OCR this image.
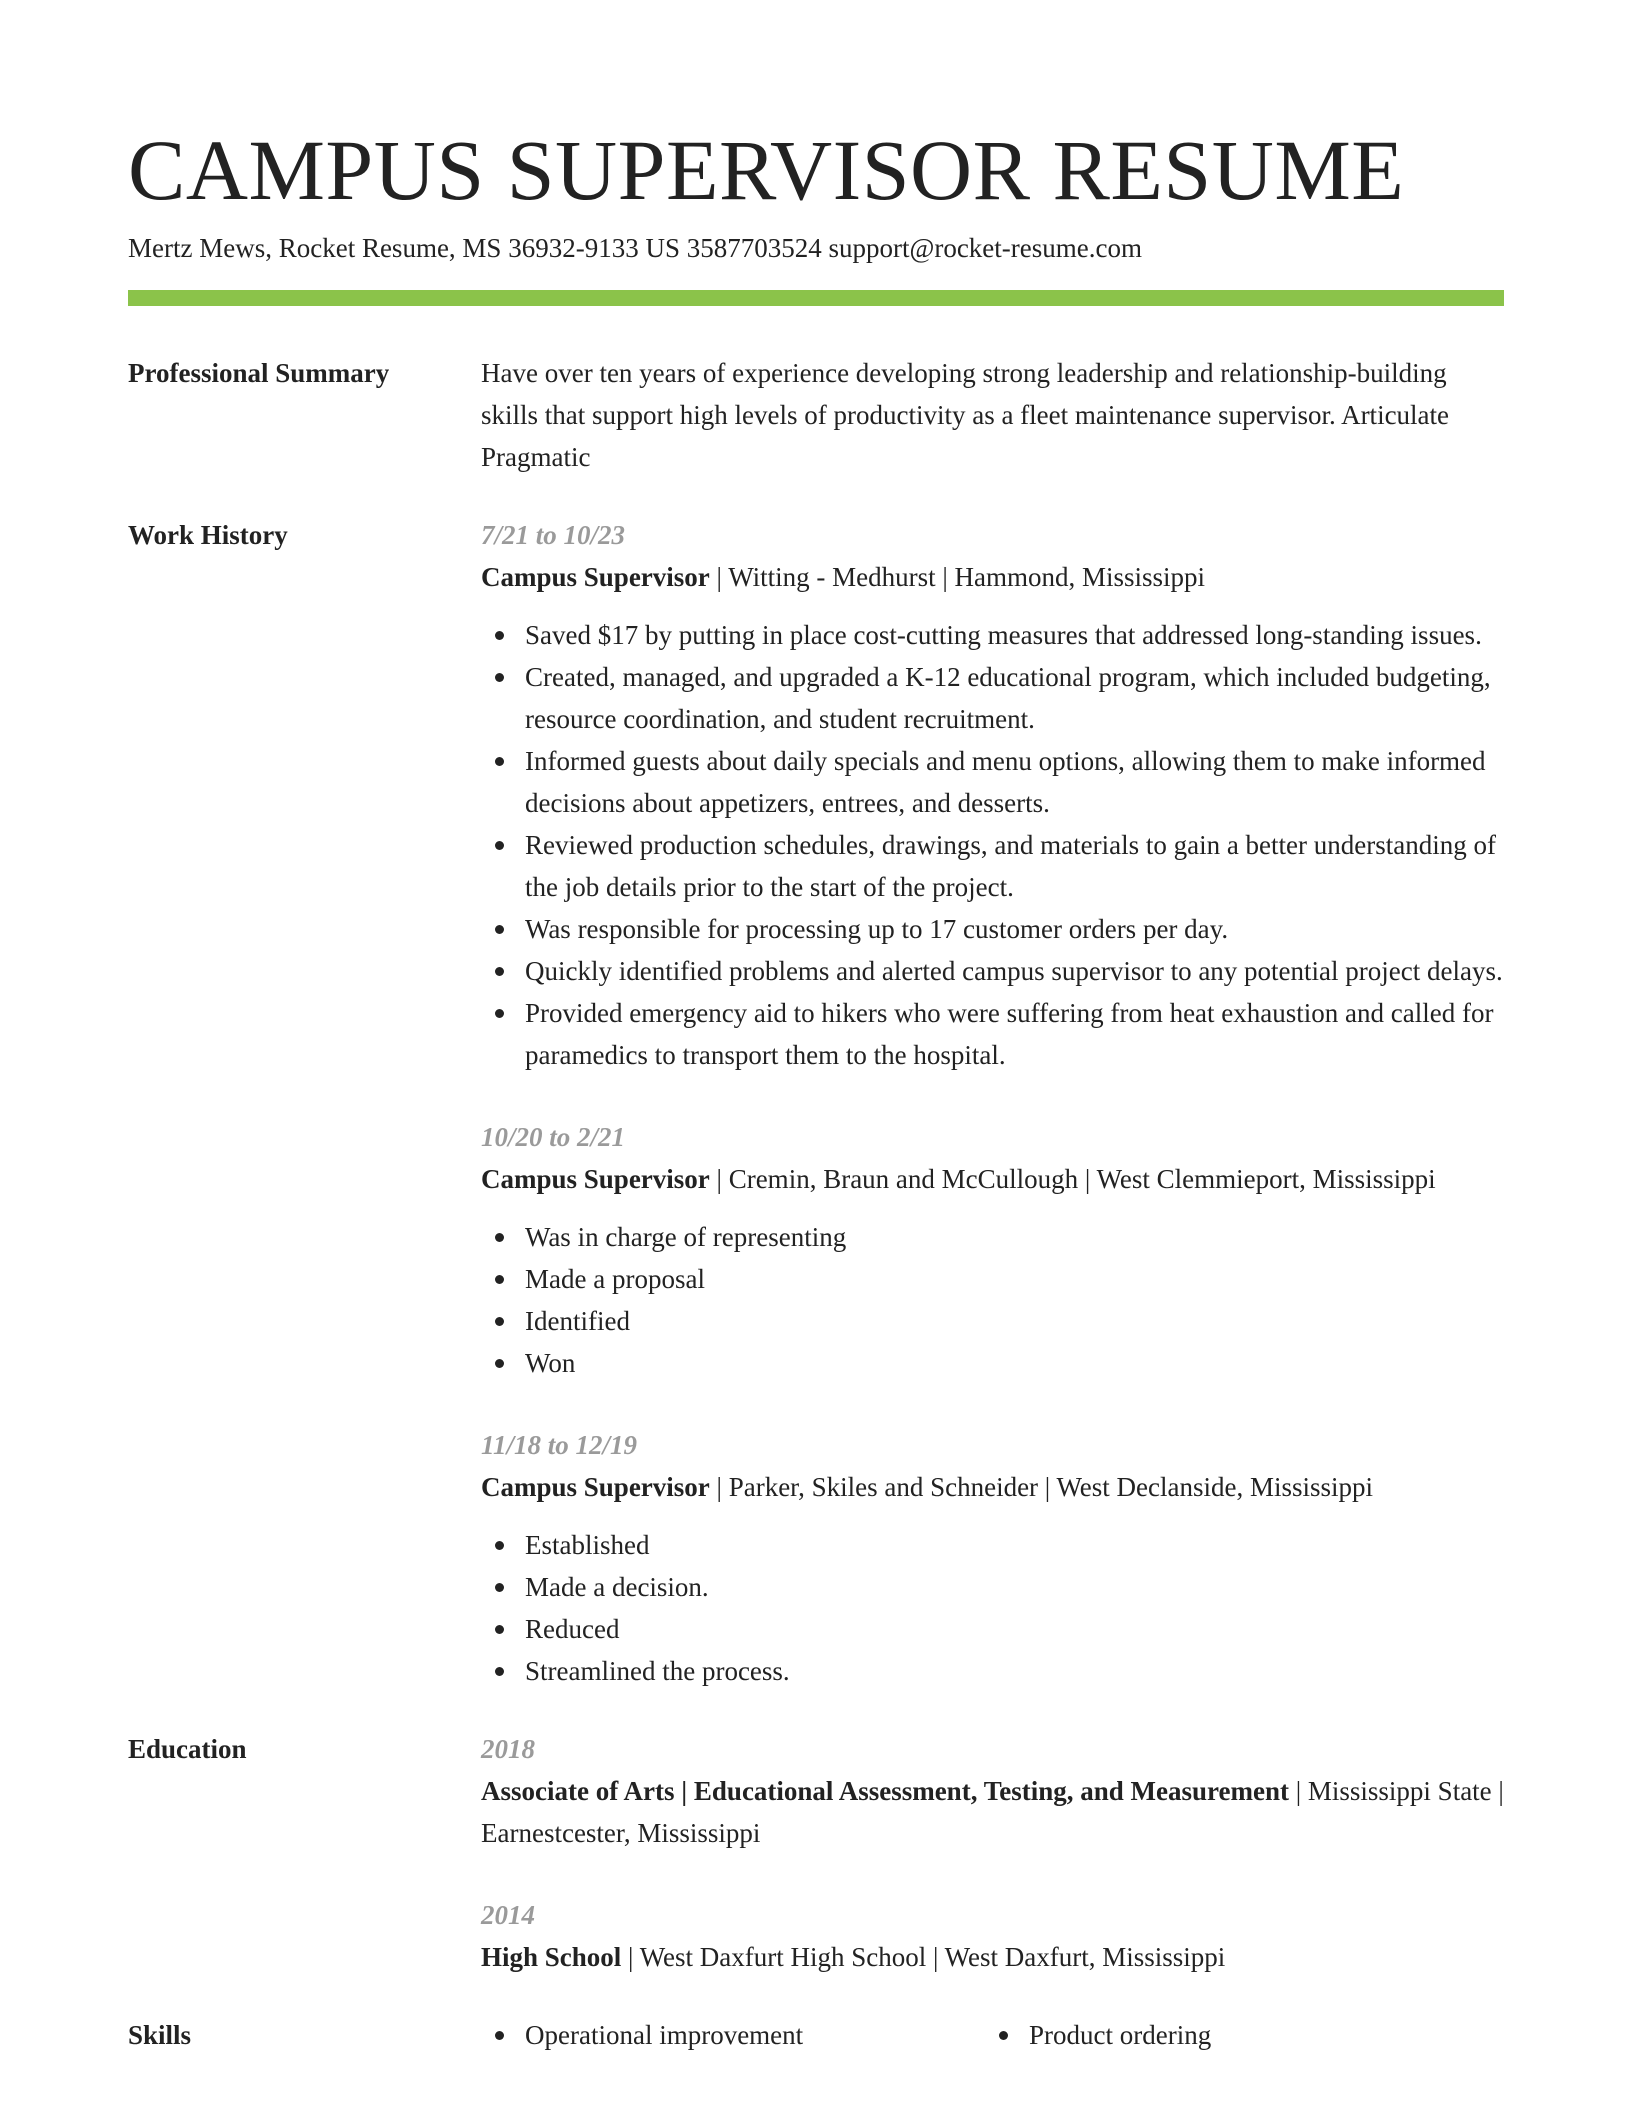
CAMPUS SUPERVISOR RESUME
Mertz Mews, Rocket Resume, MS 36932-9133 US 3587703524 support@rocket-resume.com
Professional Summary	Have over ten years of experience developing strong leadership and relationship-building skills that support high levels of productivity as a fleet maintenance supervisor. Articulate Pragmatic
Work History	7/21 to 10/23
Campus Supervisor | Witting - Medhurst | Hammond, Mississippi
Saved $17 by putting in place cost-cutting measures that addressed long-standing issues.
Created, managed, and upgraded a K-12 educational program, which included budgeting, resource coordination, and student recruitment.
Informed guests about daily specials and menu options, allowing them to make informed decisions about appetizers, entrees, and desserts.
Reviewed production schedules, drawings, and materials to gain a better understanding of the job details prior to the start of the project.
Was responsible for processing up to 17 customer orders per day.
Quickly identified problems and alerted campus supervisor to any potential project delays.
Provided emergency aid to hikers who were suffering from heat exhaustion and called for paramedics to transport them to the hospital.
10/20 to 2/21
Campus Supervisor | Cremin, Braun and McCullough | West Clemmieport, Mississippi
Was in charge of representing
Made a proposal
Identified
Won
11/18 to 12/19
Campus Supervisor | Parker, Skiles and Schneider | West Declanside, Mississippi
Established
Made a decision.
Reduced
Streamlined the process.
Education	2018
Associate of Arts | Educational Assessment, Testing, and Measurement | Mississippi State | Earnestcester, Mississippi
2014
High School | West Daxfurt High School | West Daxfurt, Mississippi
Skills	Operational improvement	Product ordering
